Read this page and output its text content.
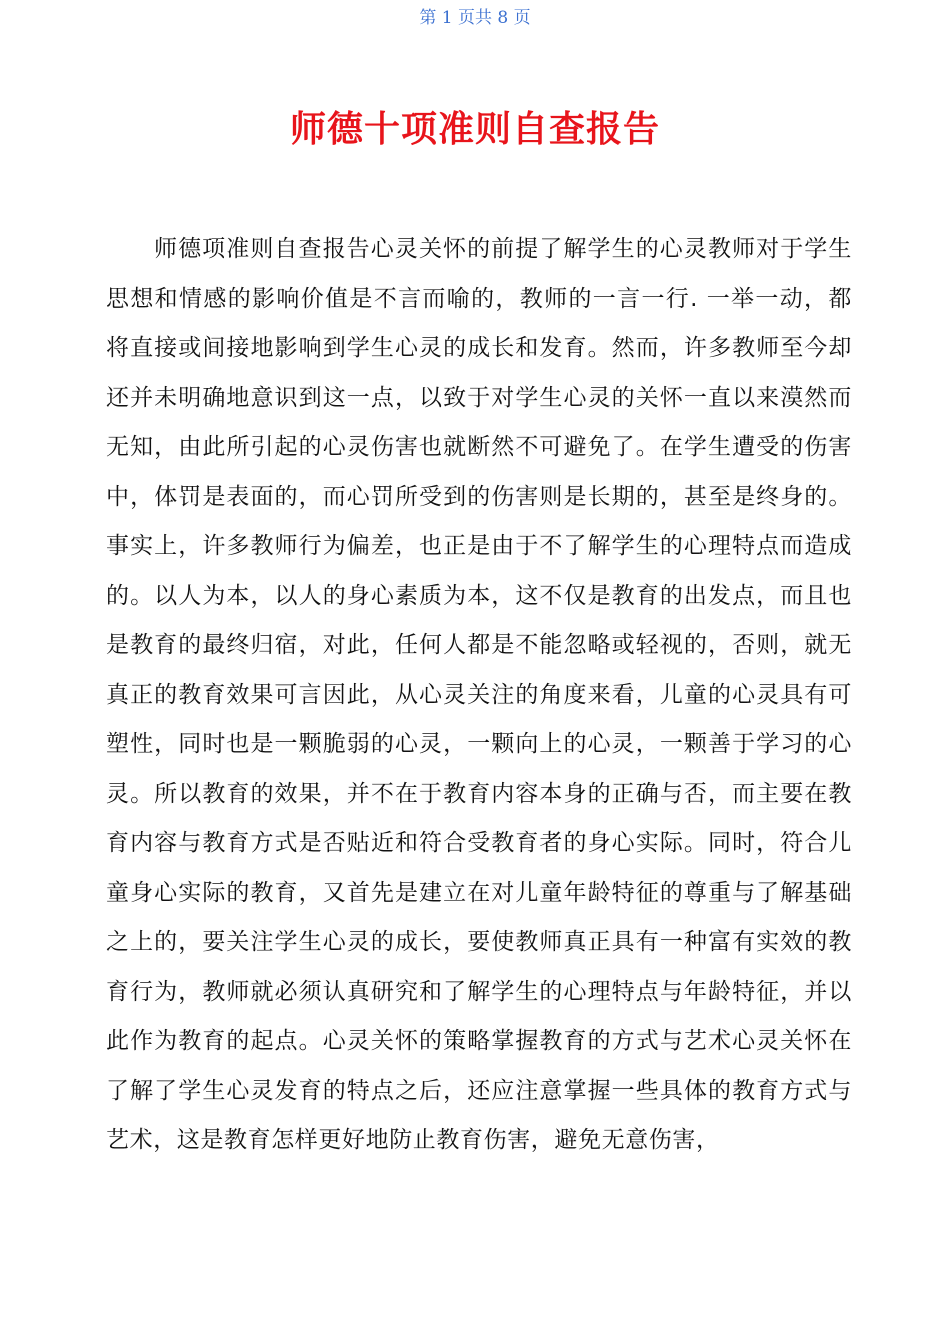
第 1 页共 8 页
师德十项准则自查报告

师德项准则自查报告心灵关怀的前提了解学生的心灵教师对于学生思想和情感的影响价值是不言而喻的，教师的一言一行. 一举一动，都将直接或间接地影响到学生心灵的成长和发育。然而，许多教师至今却还并未明确地意识到这一点，以致于对学生心灵的关怀一直以来漠然而无知，由此所引起的心灵伤害也就断然不可避免了。在学生遭受的伤害中，体罚是表面的，而心罚所受到的伤害则是长期的，甚至是终身的。事实上，许多教师行为偏差，也正是由于不了解学生的心理特点而造成的。以人为本，以人的身心素质为本，这不仅是教育的出发点，而且也是教育的最终归宿，对此，任何人都是不能忽略或轻视的，否则，就无真正的教育效果可言因此，从心灵关注的角度来看，儿童的心灵具有可塑性，同时也是一颗脆弱的心灵，一颗向上的心灵，一颗善于学习的心灵。所以教育的效果，并不在于教育内容本身的正确与否，而主要在教育内容与教育方式是否贴近和符合受教育者的身心实际。同时，符合儿童身心实际的教育，又首先是建立在对儿童年龄特征的尊重与了解基础之上的，要关注学生心灵的成长，要使教师真正具有一种富有实效的教育行为，教师就必须认真研究和了解学生的心理特点与年龄特征，并以此作为教育的起点。心灵关怀的策略掌握教育的方式与艺术心灵关怀在了解了学生心灵发育的特点之后，还应注意掌握一些具体的教育方式与艺术，这是教育怎样更好地防止教育伤害，避免无意伤害，
